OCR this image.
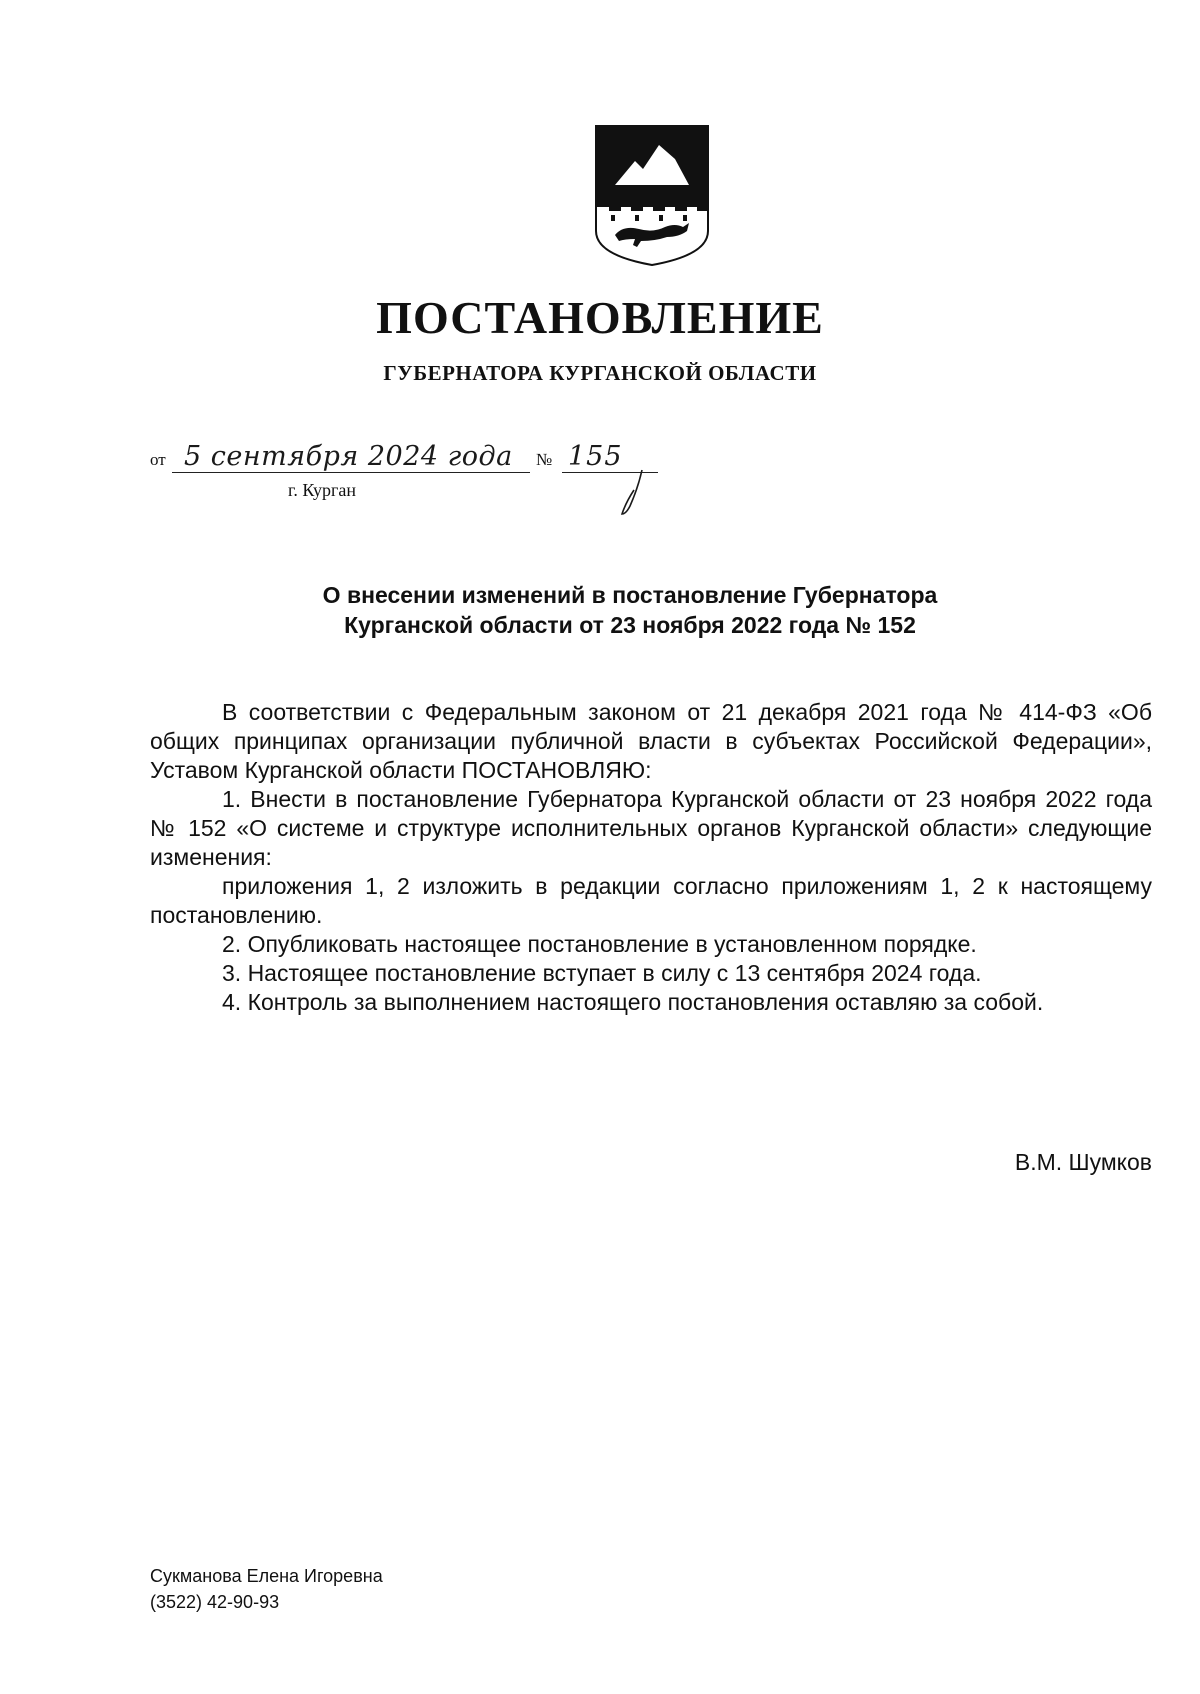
ПОСТАНОВЛЕНИЕ
ГУБЕРНАТОРА КУРГАНСКОЙ ОБЛАСТИ
от 5 сентября 2024 года № 155
г. Курган
О внесении изменений в постановление Губернатора
Курганской области от 23 ноября 2022 года № 152

В соответствии с Федеральным законом от 21 декабря 2021 года № 414-ФЗ «Об общих принципах организации публичной власти в субъектах Российской Федерации», Уставом Курганской области ПОСТАНОВЛЯЮ:

1. Внести в постановление Губернатора Курганской области от 23 ноября 2022 года № 152 «О системе и структуре исполнительных органов Курганской области» следующие изменения:

приложения 1, 2 изложить в редакции согласно приложениям 1, 2 к настоящему постановлению.

2. Опубликовать настоящее постановление в установленном порядке.

3. Настоящее постановление вступает в силу с 13 сентября 2024 года.

4. Контроль за выполнением настоящего постановления оставляю за собой.

В.М. Шумков
Сукманова Елена Игоревна
(3522) 42-90-93
